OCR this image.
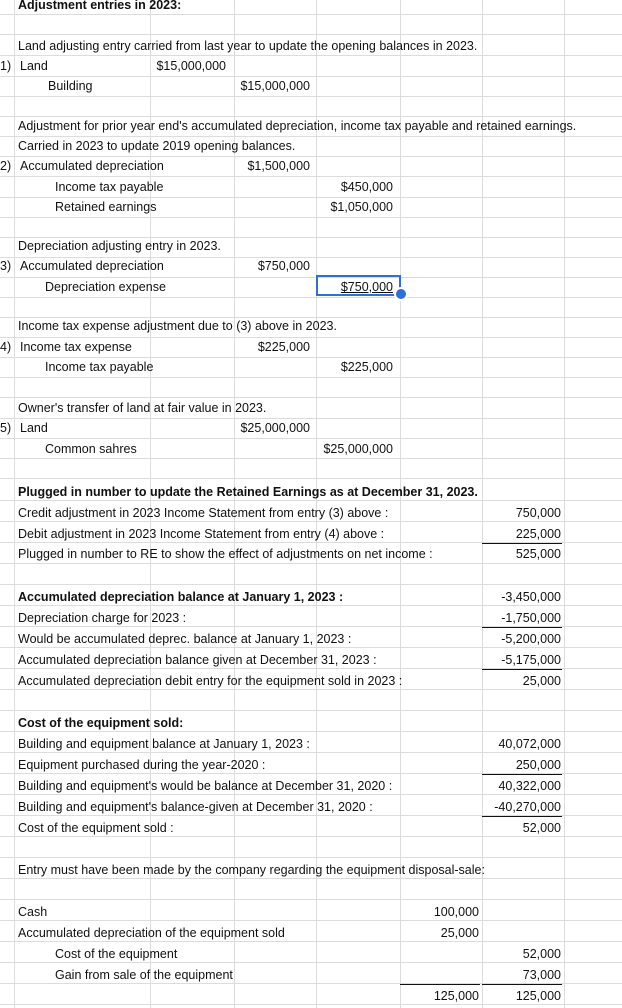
Adjustment entries in 2023:
Land adjusting entry carried from last year to update the opening balances in 2023.
1) Land	$15,000,000
Building	$15,000,000
Adjustment for prior year end's accumulated depreciation, income tax payable and retained earnings.
Carried in 2023 to update 2019 opening balances.
2) Accumulated depreciation	$1,500,000
Income tax payable	$450,000
Retained earnings	$1,050,000
Depreciation adjusting entry in 2023.
3) Accumulated depreciation	$750,000
Depreciation expense	$750,000
Income tax expense adjustment due to (3) above in 2023.
4) Income tax expense	$225,000
Income tax payable	$225,000
Owner's transfer of land at fair value in 2023.
5) Land	$25,000,000
Common sahres	$25,000,000
Plugged in number to update the Retained Earnings as at December 31, 2023.
Credit adjustment in 2023 Income Statement from entry (3) above :	750,000
Debit adjustment in 2023 Income Statement from entry (4) above :	225,000
Plugged in number to RE to show the effect of adjustments on net income :	525,000
Accumulated depreciation balance at January 1, 2023 :	-3,450,000
Depreciation charge for 2023 :	-1,750,000
Would be accumulated deprec. balance at January 1, 2023 :	-5,200,000
Accumulated depreciation balance given at December 31, 2023 :	-5,175,000
Accumulated depreciation debit entry for the equipment sold in 2023 :	25,000
Cost of the equipment sold:
Building and equipment balance at January 1, 2023 :	40,072,000
Equipment purchased during the year-2020 :	250,000
Building and equipment's would be balance at December 31, 2020 :	40,322,000
Building and equipment's balance-given at December 31, 2020 :	-40,270,000
Cost of the equipment sold :	52,000
Entry must have been made by the company regarding the equipment disposal-sale:
Cash	100,000
Accumulated depreciation of the equipment sold	25,000
Cost of the equipment	52,000
Gain from sale of the equipment	73,000
125,000	125,000
